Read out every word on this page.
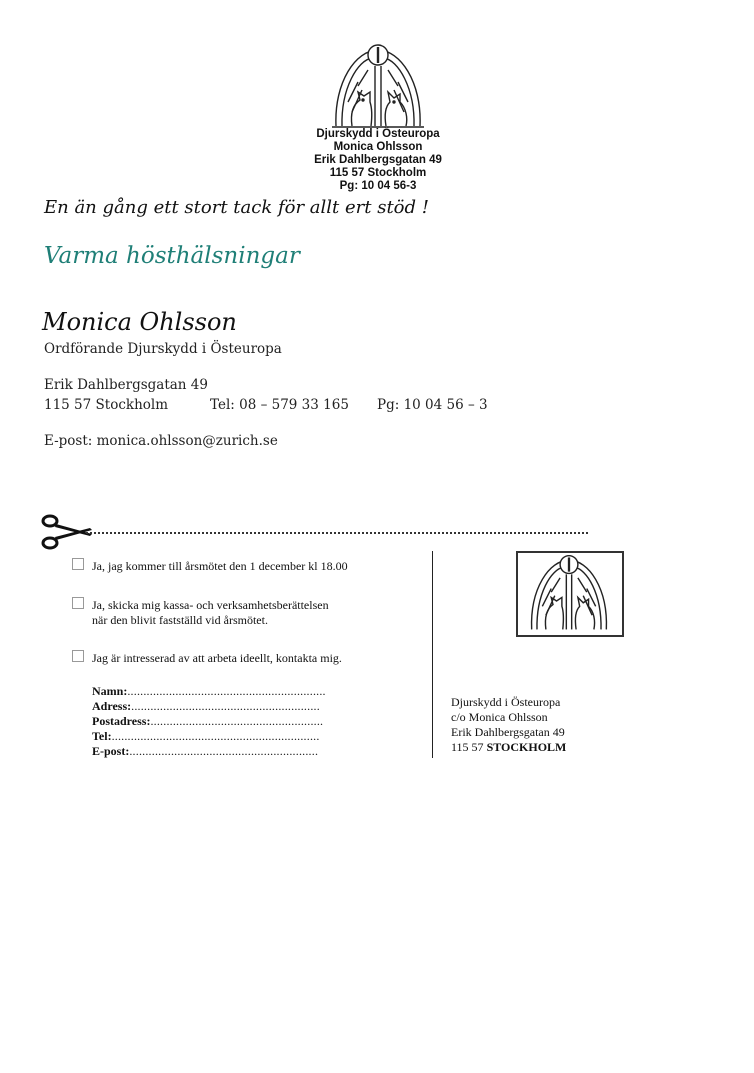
Djurskydd i Östeuropa
Monica Ohlsson
Erik Dahlbergsgatan 49
115 57 Stockholm
Pg: 10 04 56-3
En än gång ett stort tack för allt ert stöd !
Varma hösthälsningar
Monica Ohlsson
Ordförande Djurskydd i Östeuropa
Erik Dahlbergsgatan 49
115 57 Stockholm	Tel: 08 – 579 33 165 Pg: 10 04 56 – 3
E-post: monica.ohlsson@zurich.se
Ja, jag kommer till årsmötet den 1 december kl 18.00
Ja, skicka mig kassa- och verksamhetsberättelsen
när den blivit fastställd vid årsmötet.
Jag är intresserad av att arbeta ideellt, kontakta mig.
Namn:..............................................................
Adress:...........................................................
Postadress:......................................................
Tel:.................................................................
E-post:...........................................................
Djurskydd i Östeuropa
c/o Monica Ohlsson
Erik Dahlbergsgatan 49
115 57 STOCKHOLM
